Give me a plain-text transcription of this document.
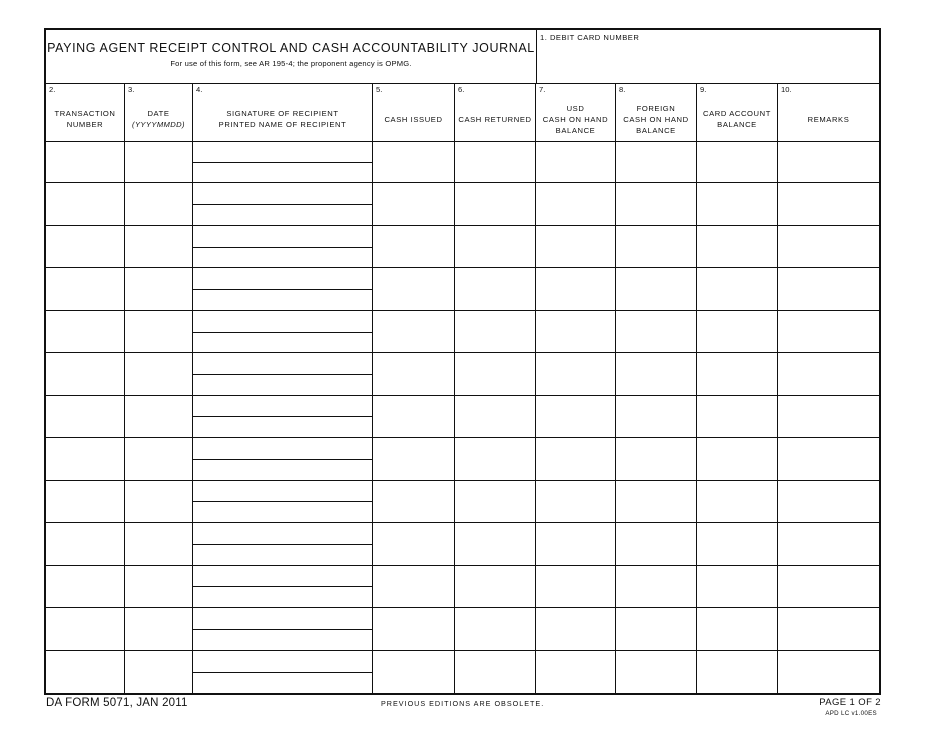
PAYING AGENT RECEIPT CONTROL AND CASH ACCOUNTABILITY JOURNAL
For use of this form, see AR 195-4; the proponent agency is OPMG.
1. DEBIT CARD NUMBER
2.
TRANSACTION
NUMBER
3.
DATE
(YYYYMMDD)
4.
SIGNATURE OF RECIPIENT
PRINTED NAME OF RECIPIENT
5.
CASH ISSUED
6.
CASH RETURNED
7.
USD
CASH ON HAND
BALANCE
8.
FOREIGN
CASH ON HAND
BALANCE
9.
CARD ACCOUNT
BALANCE
10.
REMARKS
DA FORM 5071, JAN 2011	PREVIOUS EDITIONS ARE OBSOLETE.	PAGE 1 OF 2
APD LC v1.00ES
